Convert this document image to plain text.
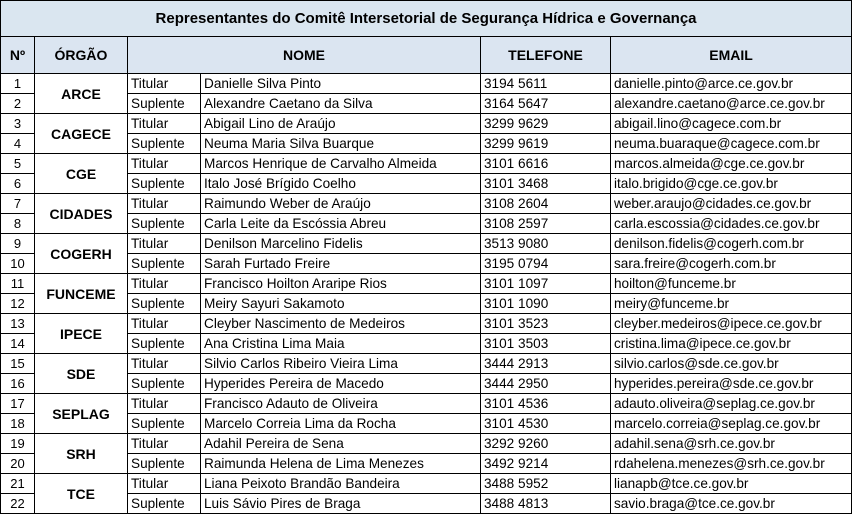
Representantes do Comitê Intersetorial de Segurança Hídrica e Governança					
Nº	ÓRGÃO	NOME		TELEFONE	EMAIL
1	ARCE	Titular	Danielle Silva Pinto	3194 5611	danielle.pinto@arce.ce.gov.br
2		Suplente	Alexandre Caetano da Silva	3164 5647	alexandre.caetano@arce.ce.gov.br
3	CAGECE	Titular	Abigail Lino de Araújo	3299 9629	abigail.lino@cagece.com.br
4		Suplente	Neuma Maria Silva Buarque	3299 9619	neuma.buaraque@cagece.com.br
5	CGE	Titular	Marcos Henrique de Carvalho Almeida	3101 6616	marcos.almeida@cge.ce.gov.br
6		Suplente	Italo José Brígido Coelho	3101 3468	italo.brigido@cge.ce.gov.br
7	CIDADES	Titular	Raimundo Weber de Araújo	3108 2604	weber.araujo@cidades.ce.gov.br
8		Suplente	Carla Leite da Escóssia Abreu	3108 2597	carla.escossia@cidades.ce.gov.br
9	COGERH	Titular	Denilson Marcelino Fidelis	3513 9080	denilson.fidelis@cogerh.com.br
10		Suplente	Sarah Furtado Freire	3195 0794	sara.freire@cogerh.com.br
11	FUNCEME	Titular	Francisco Hoilton Araripe Rios	3101 1097	hoilton@funceme.br
12		Suplente	Meiry Sayuri Sakamoto	3101 1090	meiry@funceme.br
13	IPECE	Titular	Cleyber Nascimento de Medeiros	3101 3523	cleyber.medeiros@ipece.ce.gov.br
14		Suplente	Ana Cristina Lima Maia	3101 3503	cristina.lima@ipece.ce.gov.br
15	SDE	Titular	Silvio Carlos Ribeiro Vieira Lima	3444 2913	silvio.carlos@sde.ce.gov.br
16		Suplente	Hyperides Pereira de Macedo	3444 2950	hyperides.pereira@sde.ce.gov.br
17	SEPLAG	Titular	Francisco Adauto de Oliveira	3101 4536	adauto.oliveira@seplag.ce.gov.br
18		Suplente	Marcelo Correia Lima da Rocha	3101 4530	marcelo.correia@seplag.ce.gov.br
19	SRH	Titular	Adahil Pereira de Sena	3292 9260	adahil.sena@srh.ce.gov.br
20		Suplente	Raimunda Helena de Lima Menezes	3492 9214	rdahelena.menezes@srh.ce.gov.br
21	TCE	Titular	Liana Peixoto Brandão Bandeira	3488 5952	lianapb@tce.ce.gov.br
22		Suplente	Luis Sávio Pires de Braga	3488 4813	savio.braga@tce.ce.gov.br
